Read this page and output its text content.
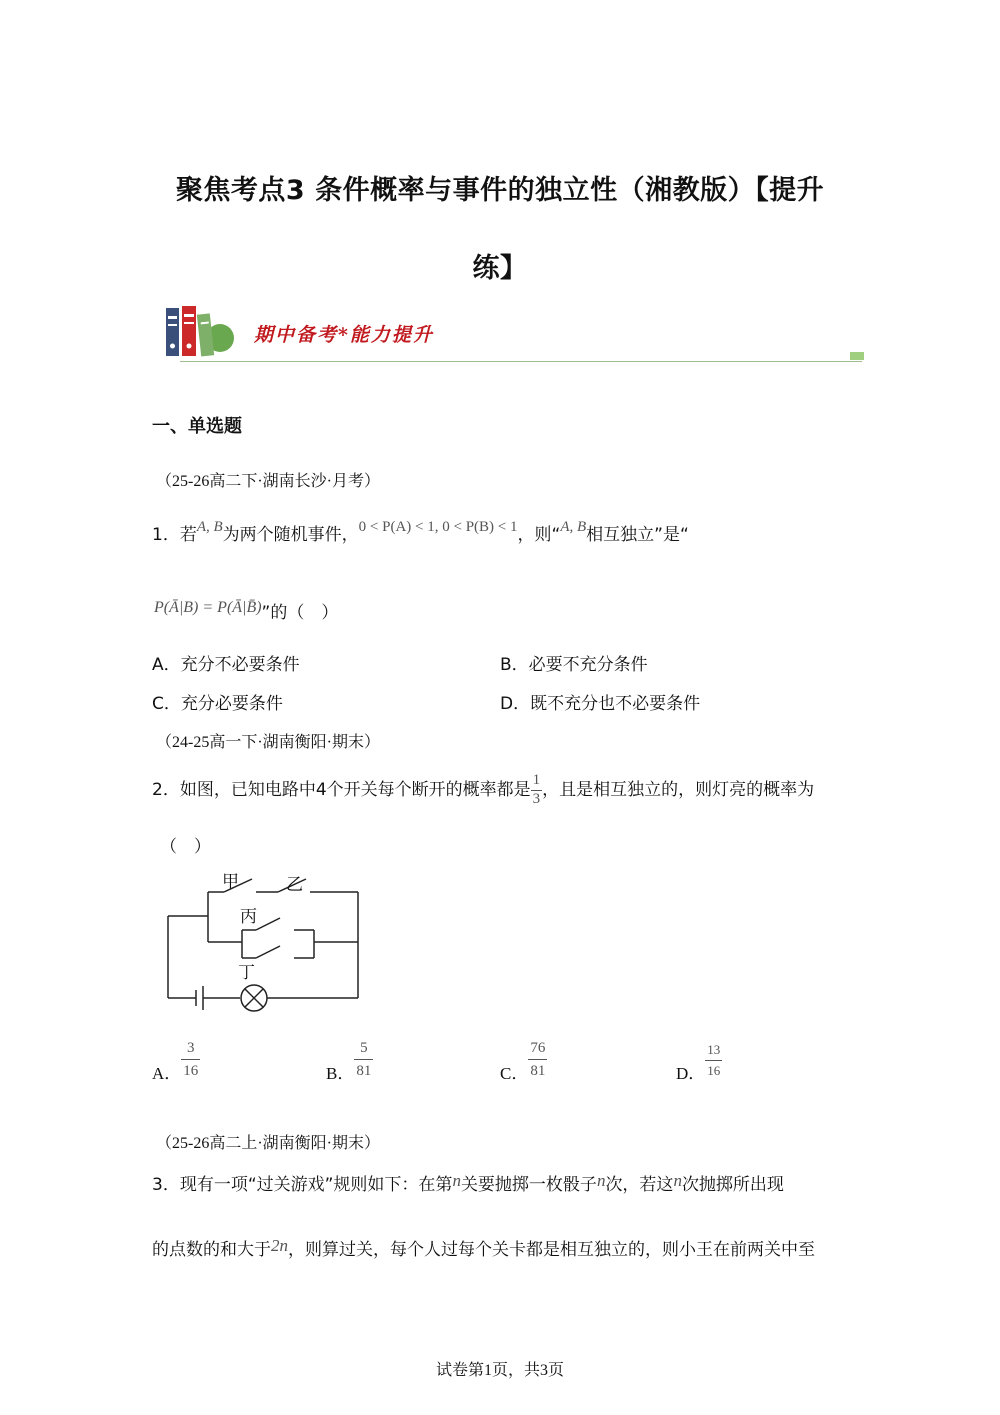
聚焦考点3 条件概率与事件的独立性（湘教版）【提升
练】
期中备考*能力提升
一、单选题
（25-26高二下·湖南长沙·月考）
1．若A, B为两个随机事件，0 < P(A) < 1, 0 < P(B) < 1，则“A, B相互独立”是“
P(Ā|B) = P(Ā|B̄)”的（　）
A．充分不必要条件	B．必要不充分条件
C．充分必要条件	D．既不充分也不必要条件
（24-25高一下·湖南衡阳·期末）
2．如图，已知电路中4个开关每个断开的概率都是 $\frac{1}{3}$ ，且是相互独立的，则灯亮的概率为
（　）
甲	乙
丙
丁
A． $\frac{3}{16}$	B． $\frac{5}{81}$	C． $\frac{76}{81}$	D． $\frac{13}{16}$
（25-26高二上·湖南衡阳·期末）
3．现有一项“过关游戏”规则如下：在第n关要抛掷一枚骰子n次，若这n次抛掷所出现
的点数的和大于2n，则算过关，每个人过每个关卡都是相互独立的，则小王在前两关中至
试卷第1页，共3页
